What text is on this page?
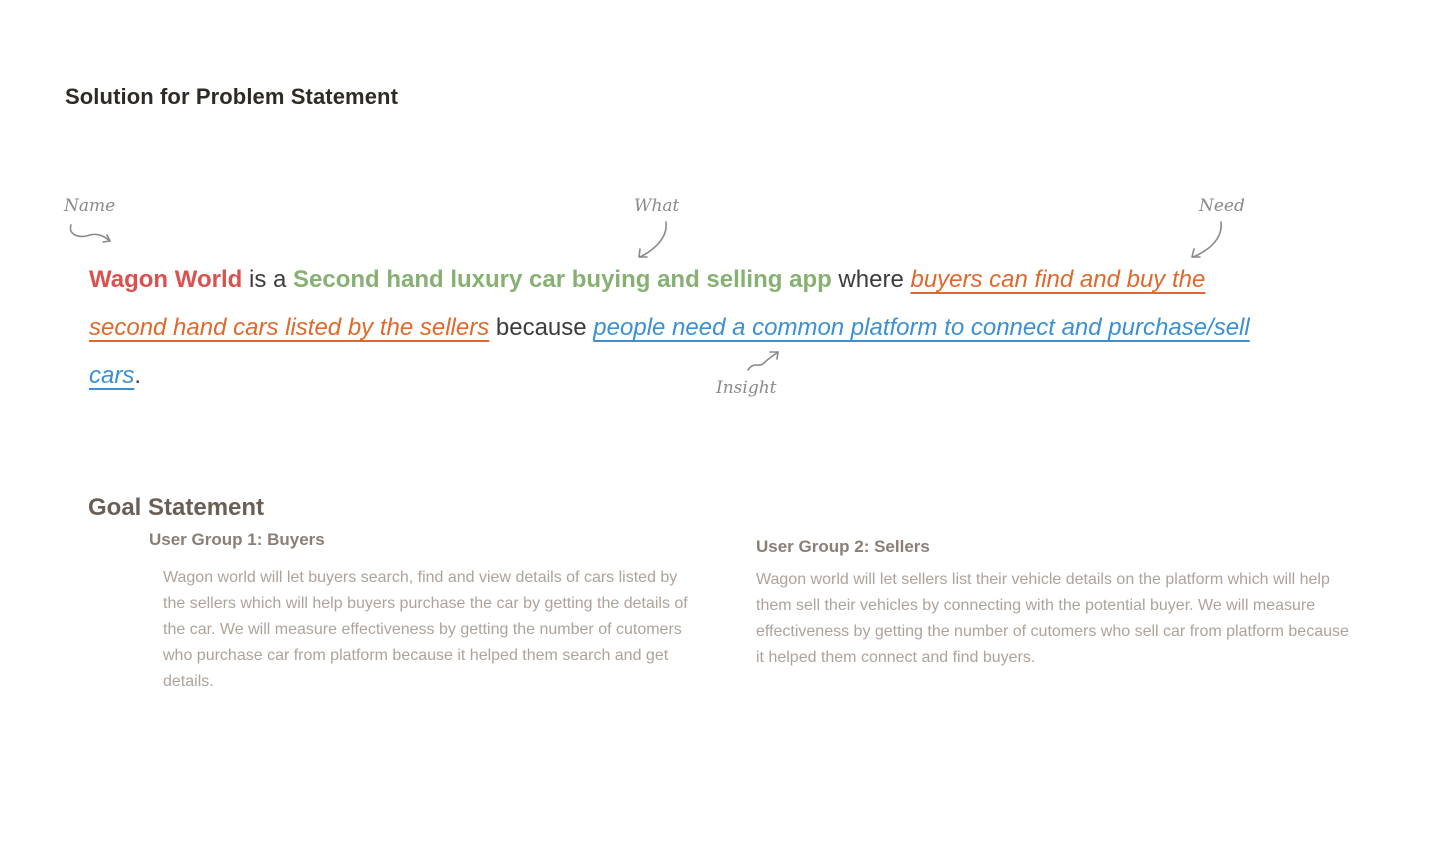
Solution for Problem Statement
Name	What	Need
Insight

Wagon World is a Second hand luxury car buying and selling app where buyers can find and buy the second hand cars listed by the sellers because people need a common platform to connect and purchase/sell cars.

Goal Statement
User Group 1: Buyers

Wagon world will let buyers search, find and view details of cars listed by the sellers which will help buyers purchase the car by getting the details of the car. We will measure effectiveness by getting the number of cutomers who purchase car from platform because it helped them search and get details.

User Group 2: Sellers

Wagon world will let sellers list their vehicle details on the platform which will help them sell their vehicles by connecting with the potential buyer. We will measure effectiveness by getting the number of cutomers who sell car from platform because it helped them connect and find buyers.
